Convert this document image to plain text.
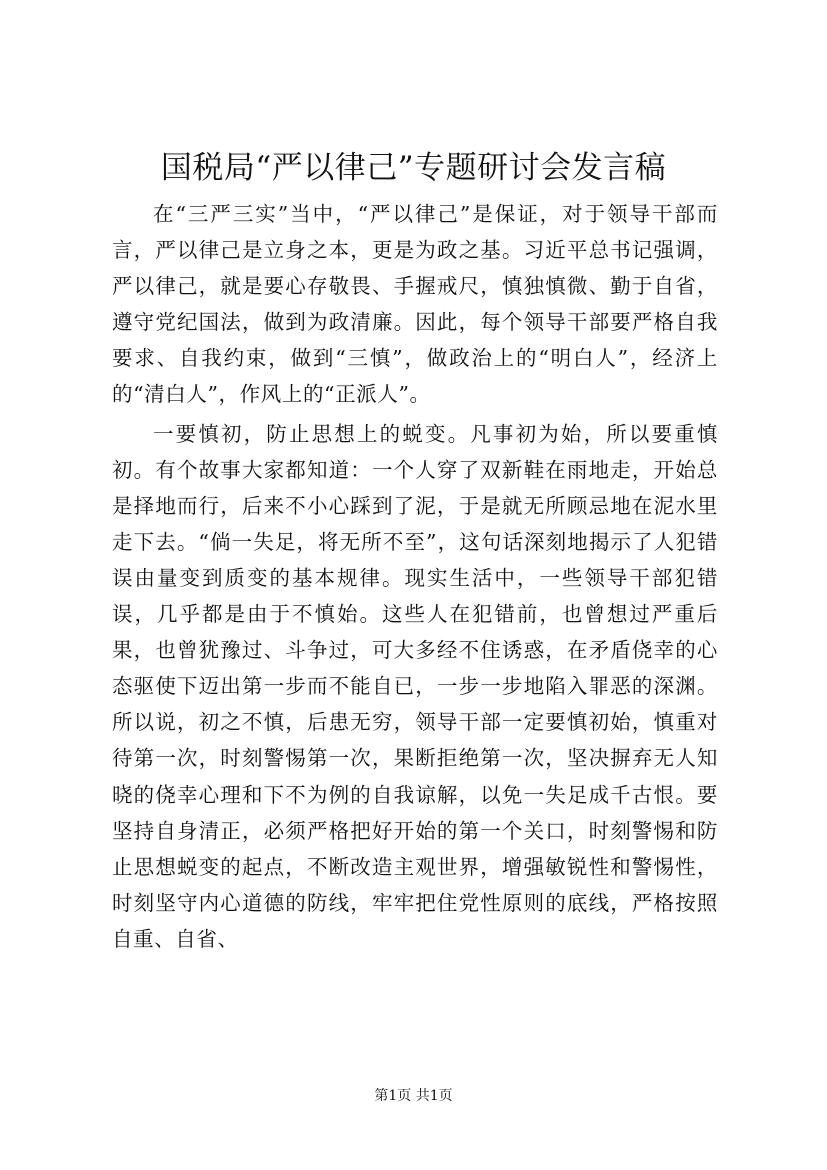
国税局“严以律己”专题研讨会发言稿

在“三严三实”当中，“严以律己”是保证，对于领导干部而言，严以律己是立身之本，更是为政之基。习近平总书记强调，严以律己，就是要心存敬畏、手握戒尺，慎独慎微、勤于自省，遵守党纪国法，做到为政清廉。因此，每个领导干部要严格自我要求、自我约束，做到“三慎”，做政治上的“明白人”，经济上的“清白人”，作风上的“正派人”。

一要慎初，防止思想上的蜕变。凡事初为始，所以要重慎初。有个故事大家都知道：一个人穿了双新鞋在雨地走，开始总是择地而行，后来不小心踩到了泥，于是就无所顾忌地在泥水里走下去。“倘一失足，将无所不至”，这句话深刻地揭示了人犯错误由量变到质变的基本规律。现实生活中，一些领导干部犯错误，几乎都是由于不慎始。这些人在犯错前，也曾想过严重后果，也曾犹豫过、斗争过，可大多经不住诱惑，在矛盾侥幸的心态驱使下迈出第一步而不能自已，一步一步地陷入罪恶的深渊。所以说，初之不慎，后患无穷，领导干部一定要慎初始，慎重对待第一次，时刻警惕第一次，果断拒绝第一次，坚决摒弃无人知晓的侥幸心理和下不为例的自我谅解，以免一失足成千古恨。要坚持自身清正，必须严格把好开始的第一个关口，时刻警惕和防止思想蜕变的起点，不断改造主观世界，增强敏锐性和警惕性，时刻坚守内心道德的防线，牢牢把住党性原则的底线，严格按照自重、自省、

第1页 共1页
